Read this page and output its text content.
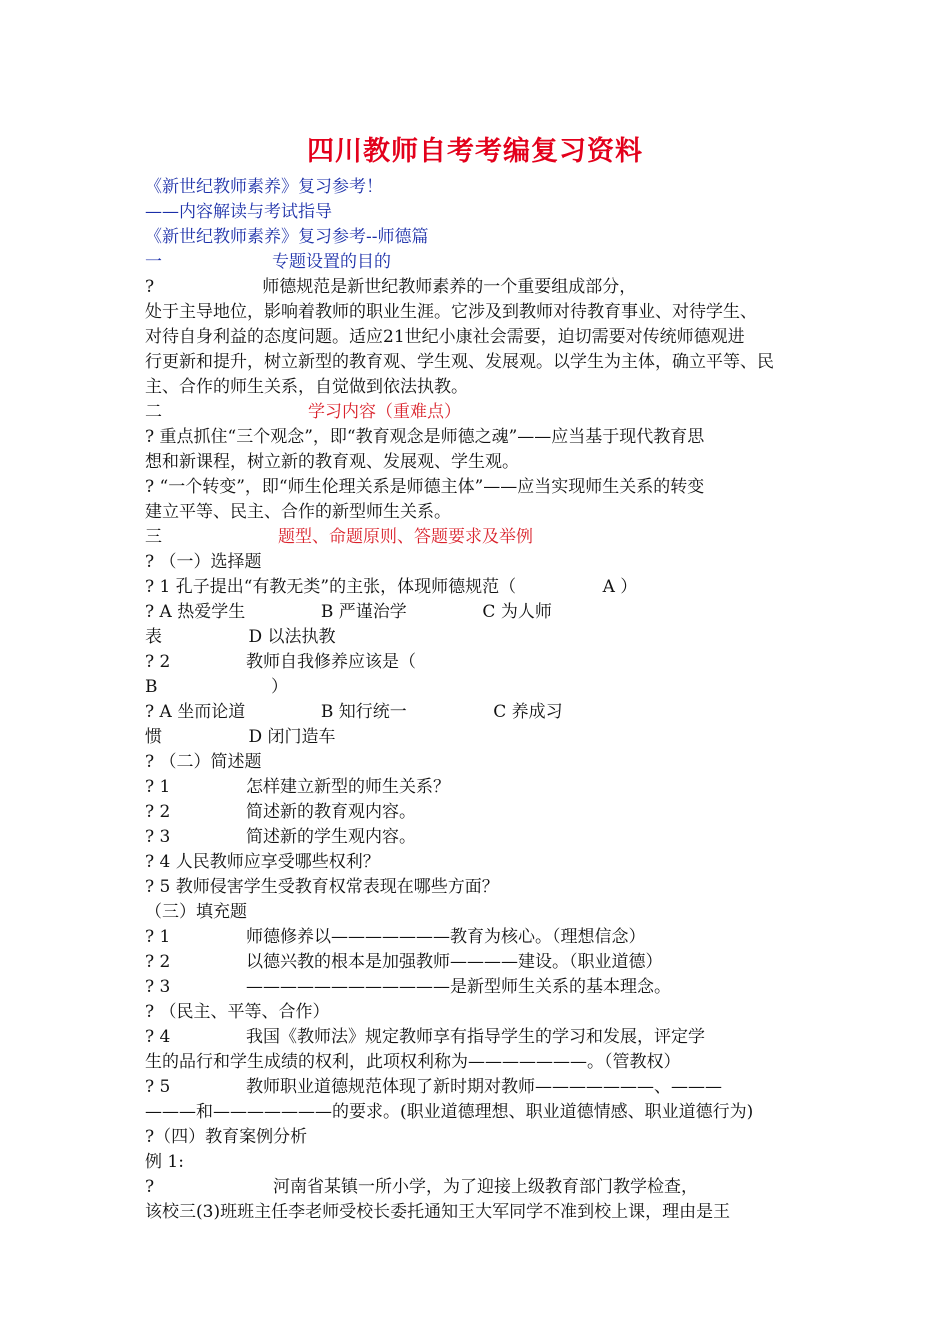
四川教师自考考编复习资料
《新世纪教师素养》复习参考！
——内容解读与考试指导
《新世纪教师素养》复习参考--师德篇
一	专题设置的目的
?                    师德规范是新世纪教师素养的一个重要组成部分，
处于主导地位，影响着教师的职业生涯。它涉及到教师对待教育事业、对待学生、
对待自身利益的态度问题。适应21世纪小康社会需要，迫切需要对传统师德观进
行更新和提升，树立新型的教育观、学生观、发展观。以学生为主体，确立平等、民
主、合作的师生关系，自觉做到依法执教。
二	学习内容（重难点）
? 重点抓住“三个观念”，即“教育观念是师德之魂”——应当基于现代教育思
想和新课程，树立新的教育观、发展观、学生观。
? “一个转变”，即“师生伦理关系是师德主体”——应当实现师生关系的转变
建立平等、民主、合作的新型师生关系。
三	题型、命题原则、答题要求及举例
? （一）选择题
? 1 孔子提出“有教无类”的主张，体现师德规范（                A ）
? A 热爱学生              B 严谨治学              C 为人师
表                D 以法执教
? 2              教师自我修养应该是（
B                     ）
? A 坐而论道              B 知行统一                C 养成习
惯                D 闭门造车
? （二）简述题
? 1              怎样建立新型的师生关系？
? 2              简述新的教育观内容。
? 3              简述新的学生观内容。
? 4 人民教师应享受哪些权利？
? 5 教师侵害学生受教育权常表现在哪些方面？
（三）填充题
? 1              师德修养以———————教育为核心。（理想信念）
? 2              以德兴教的根本是加强教师————建设。（职业道德）
? 3              ————————————是新型师生关系的基本理念。
? （民主、平等、合作）
? 4              我国《教师法》规定教师享有指导学生的学习和发展，评定学
生的品行和学生成绩的权利，此项权利称为———————。（管教权）
? 5              教师职业道德规范体现了新时期对教师———————、———
———和———————的要求。(职业道德理想、职业道德情感、职业道德行为)
?（四）教育案例分析
例 1:
?                      河南省某镇一所小学，为了迎接上级教育部门教学检查，
该校三(3)班班主任李老师受校长委托通知王大军同学不准到校上课，理由是王
